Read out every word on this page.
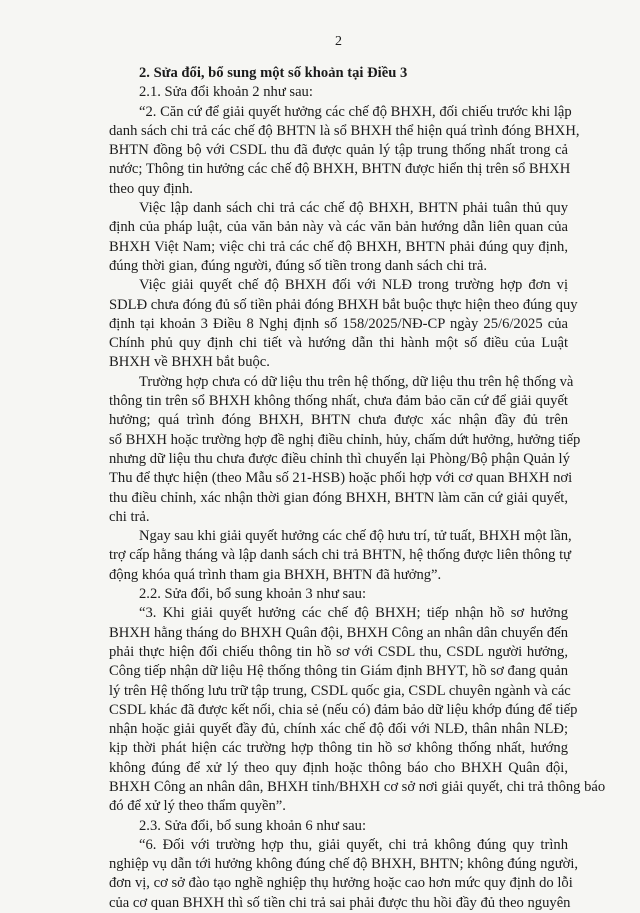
2

2. Sửa đổi, bổ sung một số khoản tại Điều 3

2.1. Sửa đổi khoản 2 như sau:

“2. Căn cứ để giải quyết hưởng các chế độ BHXH, đối chiếu trước khi lập

danh sách chi trả các chế độ BHTN là sổ BHXH thể hiện quá trình đóng BHXH,

BHTN đồng bộ với CSDL thu đã được quản lý tập trung thống nhất trong cả

nước; Thông tin hưởng các chế độ BHXH, BHTN được hiển thị trên sổ BHXH

theo quy định.

Việc lập danh sách chi trả các chế độ BHXH, BHTN phải tuân thủ quy

định của pháp luật, của văn bản này và các văn bản hướng dẫn liên quan của

BHXH Việt Nam; việc chi trả các chế độ BHXH, BHTN phải đúng quy định,

đúng thời gian, đúng người, đúng số tiền trong danh sách chi trả.

Việc giải quyết chế độ BHXH đối với NLĐ trong trường hợp đơn vị

SDLĐ chưa đóng đủ số tiền phải đóng BHXH bắt buộc thực hiện theo đúng quy

định tại khoản 3 Điều 8 Nghị định số 158/2025/NĐ-CP ngày 25/6/2025 của

Chính phủ quy định chi tiết và hướng dẫn thi hành một số điều của Luật

BHXH về BHXH bắt buộc.

Trường hợp chưa có dữ liệu thu trên hệ thống, dữ liệu thu trên hệ thống và

thông tin trên sổ BHXH không thống nhất, chưa đảm bảo căn cứ để giải quyết

hưởng; quá trình đóng BHXH, BHTN chưa được xác nhận đầy đủ trên

sổ BHXH hoặc trường hợp đề nghị điều chỉnh, hủy, chấm dứt hưởng, hưởng tiếp

nhưng dữ liệu thu chưa được điều chỉnh thì chuyển lại Phòng/Bộ phận Quản lý

Thu để thực hiện (theo Mẫu số 21-HSB) hoặc phối hợp với cơ quan BHXH nơi

thu điều chỉnh, xác nhận thời gian đóng BHXH, BHTN làm căn cứ giải quyết,

chi trả.

Ngay sau khi giải quyết hưởng các chế độ hưu trí, tử tuất, BHXH một lần,

trợ cấp hằng tháng và lập danh sách chi trả BHTN, hệ thống được liên thông tự

động khóa quá trình tham gia BHXH, BHTN đã hưởng”.

2.2. Sửa đổi, bổ sung khoản 3 như sau:

“3. Khi giải quyết hưởng các chế độ BHXH; tiếp nhận hồ sơ hưởng

BHXH hằng tháng do BHXH Quân đội, BHXH Công an nhân dân chuyển đến

phải thực hiện đối chiếu thông tin hồ sơ với CSDL thu, CSDL người hưởng,

Công tiếp nhận dữ liệu Hệ thống thông tin Giám định BHYT, hồ sơ đang quản

lý trên Hệ thống lưu trữ tập trung, CSDL quốc gia, CSDL chuyên ngành và các

CSDL khác đã được kết nối, chia sẻ (nếu có) đảm bảo dữ liệu khớp đúng để tiếp

nhận hoặc giải quyết đầy đủ, chính xác chế độ đối với NLĐ, thân nhân NLĐ;

kịp thời phát hiện các trường hợp thông tin hồ sơ không thống nhất, hướng

không đúng để xử lý theo quy định hoặc thông báo cho BHXH Quân đội,

BHXH Công an nhân dân, BHXH tỉnh/BHXH cơ sở nơi giải quyết, chi trả thông báo

đó để xử lý theo thẩm quyền”.

2.3. Sửa đổi, bổ sung khoản 6 như sau:

“6. Đối với trường hợp thu, giải quyết, chi trả không đúng quy trình

nghiệp vụ dẫn tới hưởng không đúng chế độ BHXH, BHTN; không đúng người,

đơn vị, cơ sở đào tạo nghề nghiệp thụ hưởng hoặc cao hơn mức quy định do lỗi

của cơ quan BHXH thì số tiền chi trả sai phải được thu hồi đầy đủ theo nguyên
